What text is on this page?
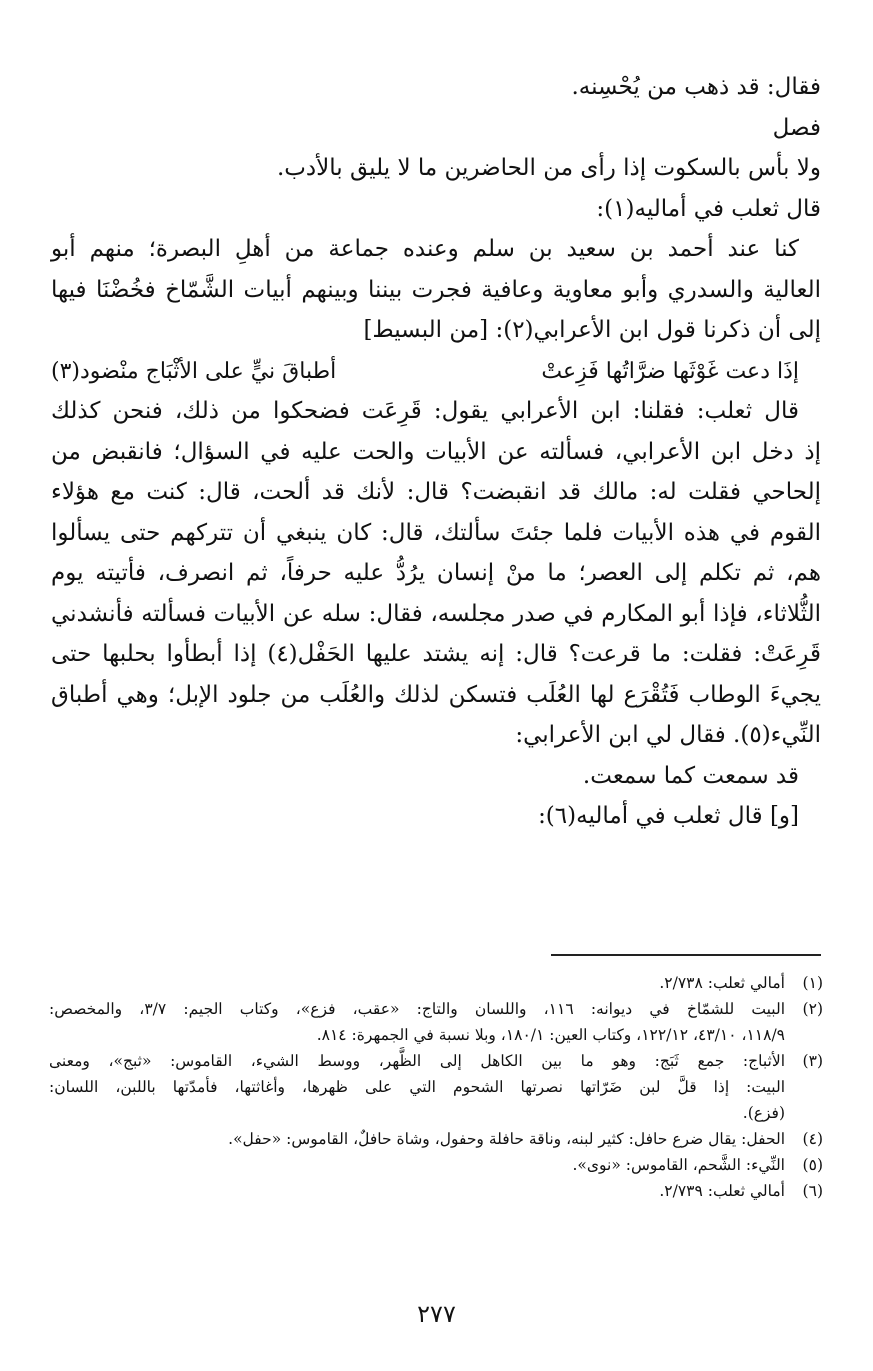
فقال: قد ذهب من يُحْسِنه.
فصل
ولا بأس بالسكوت إذا رأى من الحاضرين ما لا يليق بالأدب.
قال ثعلب في أماليه(١):
كنا عند أحمد بن سعيد بن سلم وعنده جماعة من أهلِ البصرة؛ منهم أبو
العالية والسدري وأبو معاوية وعافية فجرت بيننا وبينهم أبيات الشَّمّاخ فخُضْنَا فيها
إلى أن ذكرنا قول ابن الأعرابي(٢): [من البسيط]
إذَا دعت غَوْثَها ضرَّاتُها فَزِعتْ
أطباقَ نيٍّ على الأثْبَاج منْضود(٣)
قال ثعلب: فقلنا: ابن الأعرابي يقول: قَرِعَت فضحكوا من ذلك، فنحن كذلك
إذ دخل ابن الأعرابي، فسألته عن الأبيات والحت عليه في السؤال؛ فانقبض من
إلحاحي فقلت له: مالك قد انقبضت؟ قال: لأنك قد ألحت، قال: كنت مع هؤلاء
القوم في هذه الأبيات فلما جئتَ سألتك، قال: كان ينبغي أن تتركهم حتى يسألوا
هم، ثم تكلم إلى العصر؛ ما منْ إنسان يرُدُّ عليه حرفاً، ثم انصرف، فأتيته يوم
الثُّلاثاء، فإذا أبو المكارم في صدر مجلسه، فقال: سله عن الأبيات فسألته فأنشدني
قَرِعَتْ: فقلت: ما قرعت؟ قال: إنه يشتد عليها الحَفْل(٤) إذا أبطأوا بحلبها حتى
يجيءَ الوطاب فَتُقْرَع لها العُلَب فتسكن لذلك والعُلَب من جلود الإبل؛ وهي أطباق
النِّيء(٥). فقال لي ابن الأعرابي:
قد سمعت كما سمعت.
[و] قال ثعلب في أماليه(٦):
(١)
أمالي ثعلب: ٢/٧٣٨.
(٢)
البيت للشمّاخ في ديوانه: ١١٦، واللسان والتاج: «عقب، فزع»، وكتاب الجيم: ٣/٧، والمخصص:
١١٨/٩، ٤٣/١٠، ١٢٢/١٢، وكتاب العين: ١٨٠/١، وبلا نسبة في الجمهرة: ٨١٤.
(٣)
الأثباج: جمع ثَبَج: وهو ما بين الكاهل إلى الظَّهر، ووسط الشيء، القاموس: «ثبج»، ومعنى
البيت: إذا قلَّ لبن ضَرّاتها نصرتها الشحوم التي على ظهرها، وأغاثتها، فأمدّتها باللبن، اللسان:
(فزع).
(٤)
الحفل: يقال ضرع حافل: كثير لبنه، وناقة حافلة وحفول، وشاة حافلٌ، القاموس: «حفل».
(٥)
النِّيء: الشَّحم، القاموس: «نوى».
(٦)
أمالي ثعلب: ٢/٧٣٩.
٢٧٧
